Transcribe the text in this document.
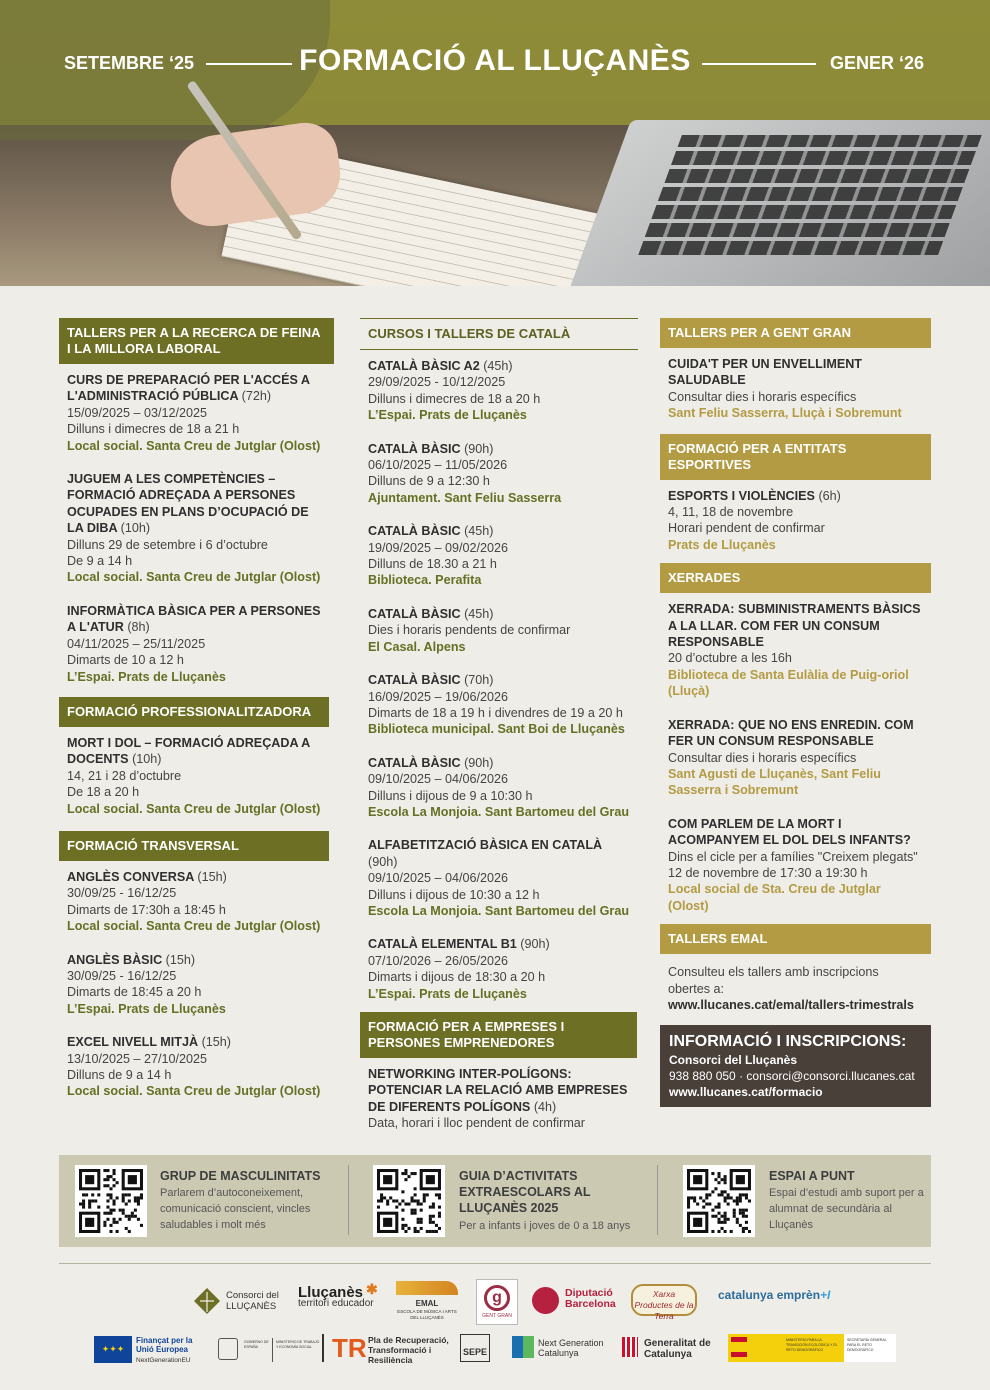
SETEMBRE ‘25	FORMACIÓ AL LLUÇANÈS	GENER ‘26
TALLERS PER A LA RECERCA DE FEINA I LA MILLORA LABORAL
CURS DE PREPARACIÓ PER L'ACCÉS A L'ADMINISTRACIÓ PÚBLICA (72h)
15/09/2025 – 03/12/2025
Dilluns i dimecres de 18 a 21 h
Local social. Santa Creu de Jutglar (Olost)
JUGUEM A LES COMPETÈNCIES – FORMACIÓ ADREÇADA A PERSONES OCUPADES EN PLANS D’OCUPACIÓ DE LA DIBA (10h)
Dilluns 29 de setembre i 6 d’octubre
De 9 a 14 h
Local social. Santa Creu de Jutglar (Olost)
INFORMÀTICA BÀSICA PER A PERSONES A L'ATUR (8h)
04/11/2025 – 25/11/2025
Dimarts de 10 a 12 h
L’Espai. Prats de Lluçanès
FORMACIÓ PROFESSIONALITZADORA
MORT I DOL – FORMACIÓ ADREÇADA A DOCENTS (10h)
14, 21 i 28 d’octubre
De 18 a 20 h
Local social. Santa Creu de Jutglar (Olost)
FORMACIÓ TRANSVERSAL
ANGLÈS CONVERSA (15h)
30/09/25 - 16/12/25
Dimarts de 17:30h a 18:45 h
Local social. Santa Creu de Jutglar (Olost)
ANGLÈS BÀSIC (15h)
30/09/25 - 16/12/25
Dimarts de 18:45 a 20 h
L’Espai. Prats de Lluçanès
EXCEL NIVELL MITJÀ (15h)
13/10/2025 – 27/10/2025
Dilluns de 9 a 14 h
Local social. Santa Creu de Jutglar (Olost)
CURSOS I TALLERS DE CATALÀ
CATALÀ BÀSIC A2 (45h)
29/09/2025 - 10/12/2025
Dilluns i dimecres de 18 a 20 h
L’Espai. Prats de Lluçanès
CATALÀ BÀSIC (90h)
06/10/2025 – 11/05/2026
Dilluns de 9 a 12:30 h
Ajuntament. Sant Feliu Sasserra
CATALÀ BÀSIC (45h)
19/09/2025 – 09/02/2026
Dilluns de 18.30 a 21 h
Biblioteca. Perafita
CATALÀ BÀSIC (45h)
Dies i horaris pendents de confirmar
El Casal. Alpens
CATALÀ BÀSIC (70h)
16/09/2025 – 19/06/2026
Dimarts de 18 a 19 h i divendres de 19 a 20 h
Biblioteca municipal. Sant Boi de Lluçanès
CATALÀ BÀSIC (90h)
09/10/2025 – 04/06/2026
Dilluns i dijous de 9 a 10:30 h
Escola La Monjoia. Sant Bartomeu del Grau
ALFABETITZACIÓ BÀSICA EN CATALÀ (90h)
09/10/2025 – 04/06/2026
Dilluns i dijous de 10:30 a 12 h
Escola La Monjoia. Sant Bartomeu del Grau
CATALÀ ELEMENTAL B1 (90h)
07/10/2026 – 26/05/2026
Dimarts i dijous de 18:30 a 20 h
L’Espai. Prats de Lluçanès
FORMACIÓ PER A EMPRESES I PERSONES EMPRENEDORES
NETWORKING INTER-POLÍGONS: POTENCIAR LA RELACIÓ AMB EMPRESES DE DIFERENTS POLÍGONS (4h)
Data, horari i lloc pendent de confirmar
TALLERS PER A GENT GRAN
CUIDA'T PER UN ENVELLIMENT SALUDABLE
Consultar dies i horaris específics
Sant Feliu Sasserra, Lluçà i Sobremunt
FORMACIÓ PER A ENTITATS ESPORTIVES
ESPORTS I VIOLÈNCIES (6h)
4, 11, 18 de novembre
Horari pendent de confirmar
Prats de Lluçanès
XERRADES
XERRADA: SUBMINISTRAMENTS BÀSICS A LA LLAR. COM FER UN CONSUM RESPONSABLE
20 d’octubre a les 16h
Biblioteca de Santa Eulàlia de Puig-oriol (Lluçà)
XERRADA: QUE NO ENS ENREDIN. COM FER UN CONSUM RESPONSABLE
Consultar dies i horaris específics
Sant Agusti de Lluçanès, Sant Feliu Sasserra i Sobremunt
COM PARLEM DE LA MORT I ACOMPANYEM EL DOL DELS INFANTS?
Dins el cicle per a famílies "Creixem plegats"
12 de novembre de 17:30 a 19:30 h
Local social de Sta. Creu de Jutglar (Olost)
TALLERS EMAL
Consulteu els tallers amb inscripcions obertes a:
www.llucanes.cat/emal/tallers-trimestrals
INFORMACIÓ I INSCRIPCIONS:
Consorci del Lluçanès
938 880 050 · consorci@consorci.llucanes.cat
www.llucanes.cat/formacio
GRUP DE MASCULINITATS
Parlarem d’autoconeixement, comunicació conscient, vincles saludables i molt més
GUIA D’ACTIVITATS EXTRAESCOLARS AL LLUÇANÈS 2025
Per a infants i joves de 0 a 18 anys
ESPAI A PUNT
Espai d’estudi amb suport per a alumnat de secundària al Lluçanès
Consorci del LLUÇANÈS
Lluçanès
territori educador
✱
EMAL
ESCOLA DE MÚSICA I ARTS DEL LLUÇANÈS
g
GENT GRAN
Diputació Barcelona
Xarxa Productes de la Terra
catalunya emprèn+I
✦✦✦
Finançat per la Unió Europea
NextGenerationEU
GOBIERNO DE ESPAÑA
MINISTERIO DE TRABAJO Y ECONOMÍA SOCIAL TR Pla de Recuperació, Transformació i Resiliència
SEPE
Next Generation Catalunya
Generalitat de Catalunya
MINISTERIO PARA LA TRANSICIÓN ECOLÓGICA Y EL RETO DEMOGRÁFICO
SECRETARÍA GENERAL PARA EL RETO DEMOGRÁFICO
